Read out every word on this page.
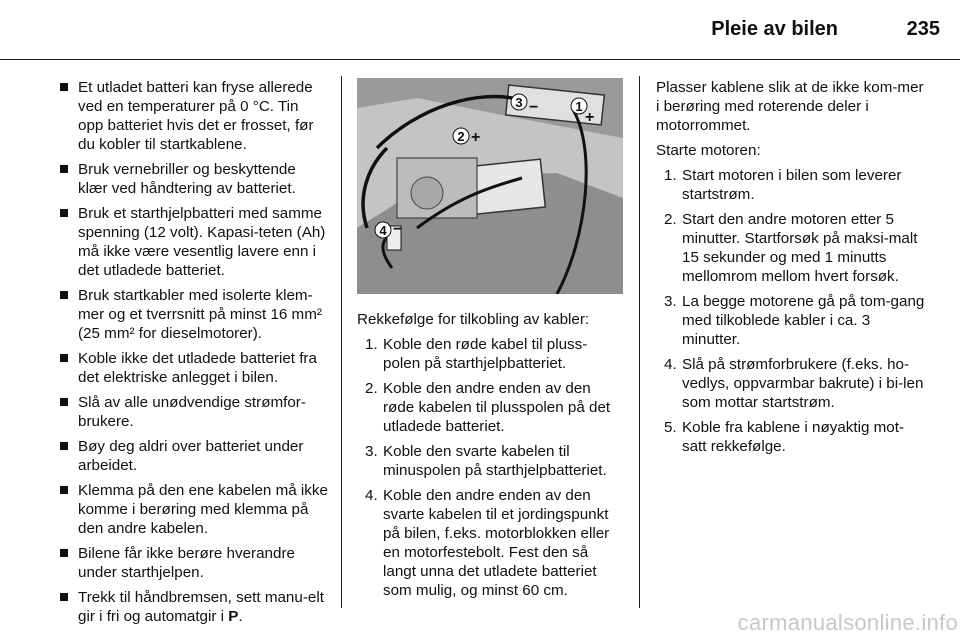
Pleie av bilen	235
Et utladet batteri kan fryse allerede ved en temperaturer på 0 °C. Tin opp batteriet hvis det er frosset, før du kobler til startkablene.
Bruk vernebriller og beskyttende klær ved håndtering av batteriet.
Bruk et starthjelpbatteri med samme spenning (12 volt). Kapasi-teten (Ah) må ikke være vesentlig lavere enn i det utladede batteriet.
Bruk startkabler med isolerte klem-mer og et tverrsnitt på minst 16 mm² (25 mm² for dieselmotorer).
Koble ikke det utladede batteriet fra det elektriske anlegget i bilen.
Slå av alle unødvendige strømfor-brukere.
Bøy deg aldri over batteriet under arbeidet.
Klemma på den ene kabelen må ikke komme i berøring med klemma på den andre kabelen.
Bilene får ikke berøre hverandre under starthjelpen.
Trekk til håndbremsen, sett manu-elt gir i fri og automatgir i P.
3 −	1
+
2 +
4 −

Rekkefølge for tilkobling av kabler:

1. Koble den røde kabel til pluss-polen på starthjelpbatteriet.
2. Koble den andre enden av den røde kabelen til plusspolen på det utladede batteriet.
3. Koble den svarte kabelen til minuspolen på starthjelpbatteriet.
4. Koble den andre enden av den svarte kabelen til et jordingspunkt på bilen, f.eks. motorblokken eller en motorfestebolt. Fest den så langt unna det utladete batteriet som mulig, og minst 60 cm.

Plasser kablene slik at de ikke kom-mer i berøring med roterende deler i motorrommet.

Starte motoren:

1. Start motoren i bilen som leverer startstrøm.
2. Start den andre motoren etter 5 minutter. Startforsøk på maksi-malt 15 sekunder og med 1 minutts mellomrom mellom hvert forsøk.
3. La begge motorene gå på tom-gang med tilkoblede kabler i ca. 3 minutter.
4. Slå på strømforbrukere (f.eks. ho-vedlys, oppvarmbar bakrute) i bi-len som mottar startstrøm.
5. Koble fra kablene i nøyaktig mot-satt rekkefølge.
carmanualsonline.info
